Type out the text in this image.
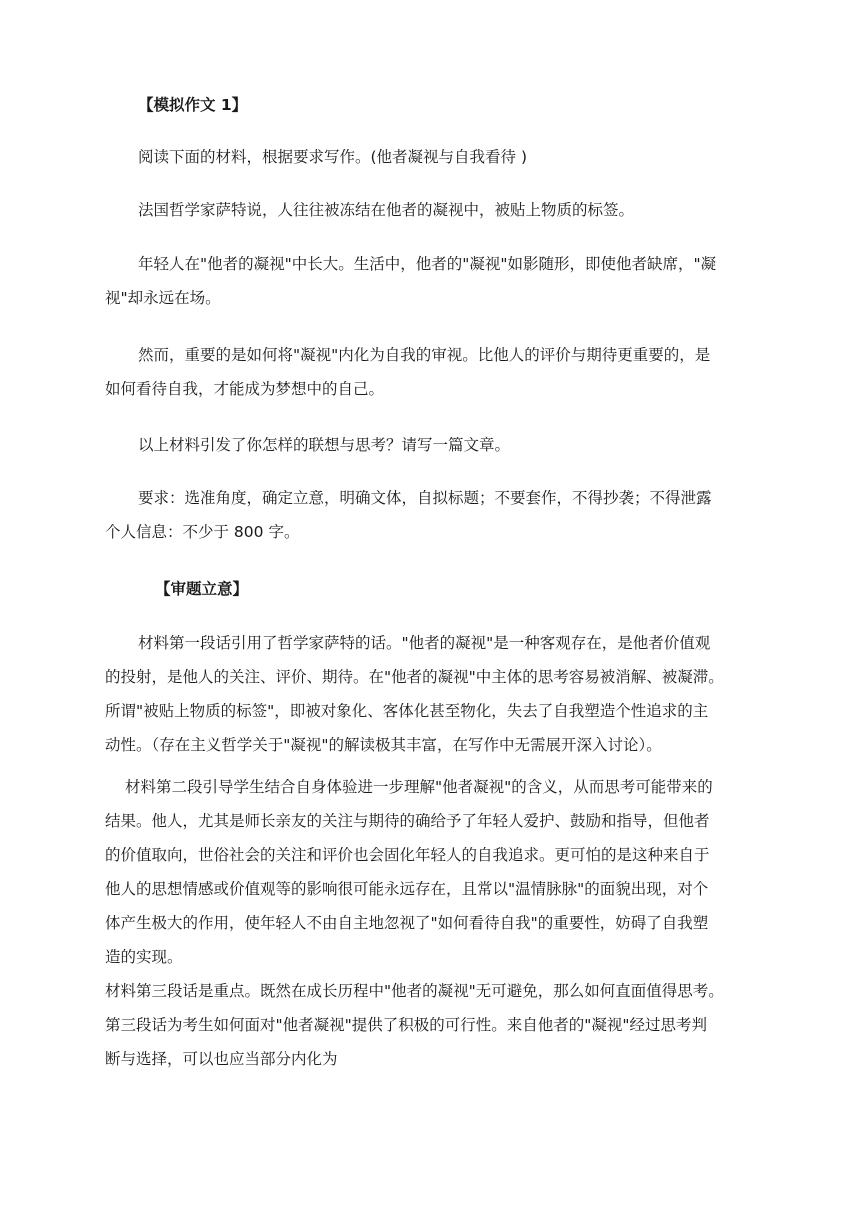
【模拟作文 1】

阅读下面的材料，根据要求写作。(他者凝视与自我看待 )

法国哲学家萨特说，人往往被冻结在他者的凝视中，被贴上物质的标签。

年轻人在"他者的凝视"中长大。生活中，他者的"凝视"如影随形，即使他者缺席，"凝
视"却永远在场。

然而，重要的是如何将"凝视"内化为自我的审视。比他人的评价与期待更重要的，是
如何看待自我，才能成为梦想中的自己。

以上材料引发了你怎样的联想与思考？请写一篇文章。

要求：选准角度，确定立意，明确文体，自拟标题；不要套作，不得抄袭；不得泄露
个人信息：不少于 800 字。

【审题立意】

材料第一段话引用了哲学家萨特的话。"他者的凝视"是一种客观存在，是他者价值观
的投射，是他人的关注、评价、期待。在"他者的凝视"中主体的思考容易被消解、被凝滞。
所谓"被贴上物质的标签"，即被对象化、客体化甚至物化，失去了自我塑造个性追求的主
动性。（存在主义哲学关于"凝视"的解读极其丰富，在写作中无需展开深入讨论）。

材料第二段引导学生结合自身体验进一步理解"他者凝视"的含义，从而思考可能带来的
结果。他人，尤其是师长亲友的关注与期待的确给予了年轻人爱护、鼓励和指导，但他者
的价值取向，世俗社会的关注和评价也会固化年轻人的自我追求。更可怕的是这种来自于
他人的思想情感或价值观等的影响很可能永远存在，且常以"温情脉脉"的面貌出现，对个
体产生极大的作用，使年轻人不由自主地忽视了"如何看待自我"的重要性，妨碍了自我塑
造的实现。

材料第三段话是重点。既然在成长历程中"他者的凝视"无可避免，那么如何直面值得思考。
第三段话为考生如何面对"他者凝视"提供了积极的可行性。来自他者的"凝视"经过思考判
断与选择，可以也应当部分内化为
